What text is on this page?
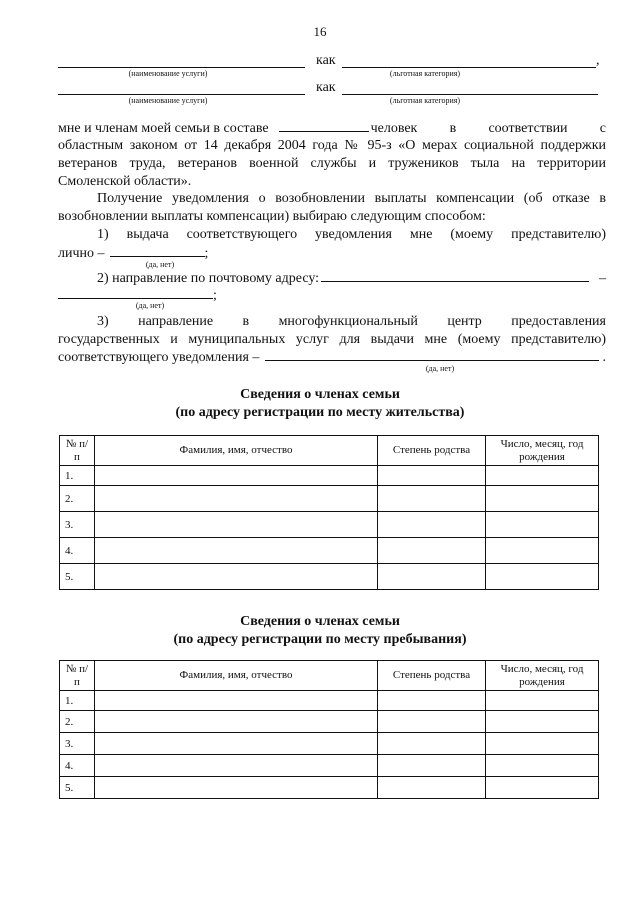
16
как	,
(наименование услуги)	(льготная категория)
как
(наименование услуги)	(льготная категория)
мне и членам моей семьи в составе	человек в соответствии с
областным законом от 14 декабря 2004 года № 95-з «О мерах социальной поддержки
ветеранов труда, ветеранов военной службы и тружеников тыла на территории
Смоленской области».
Получение уведомления о возобновлении выплаты компенсации (об отказе в
возобновлении выплаты компенсации) выбираю следующим способом:
1) выдача соответствующего уведомления мне (моему представителю)
лично –	;
(да, нет)
2) направление по почтовому адресу:	–
;
(да, нет)
3) направление в многофункциональный центр предоставления
государственных и муниципальных услуг для выдачи мне (моему представителю)
соответствующего уведомления –	.
(да, нет)
Сведения о членах семьи
(по адресу регистрации по месту жительства)
№ п/п	Фамилия, имя, отчество	Степень родства	Число, месяц, год рождения
1.			
2.			
3.			
4.			
5.			
Сведения о членах семьи
(по адресу регистрации по месту пребывания)
№ п/п	Фамилия, имя, отчество	Степень родства	Число, месяц, год рождения
1.			
2.			
3.			
4.			
5.			
